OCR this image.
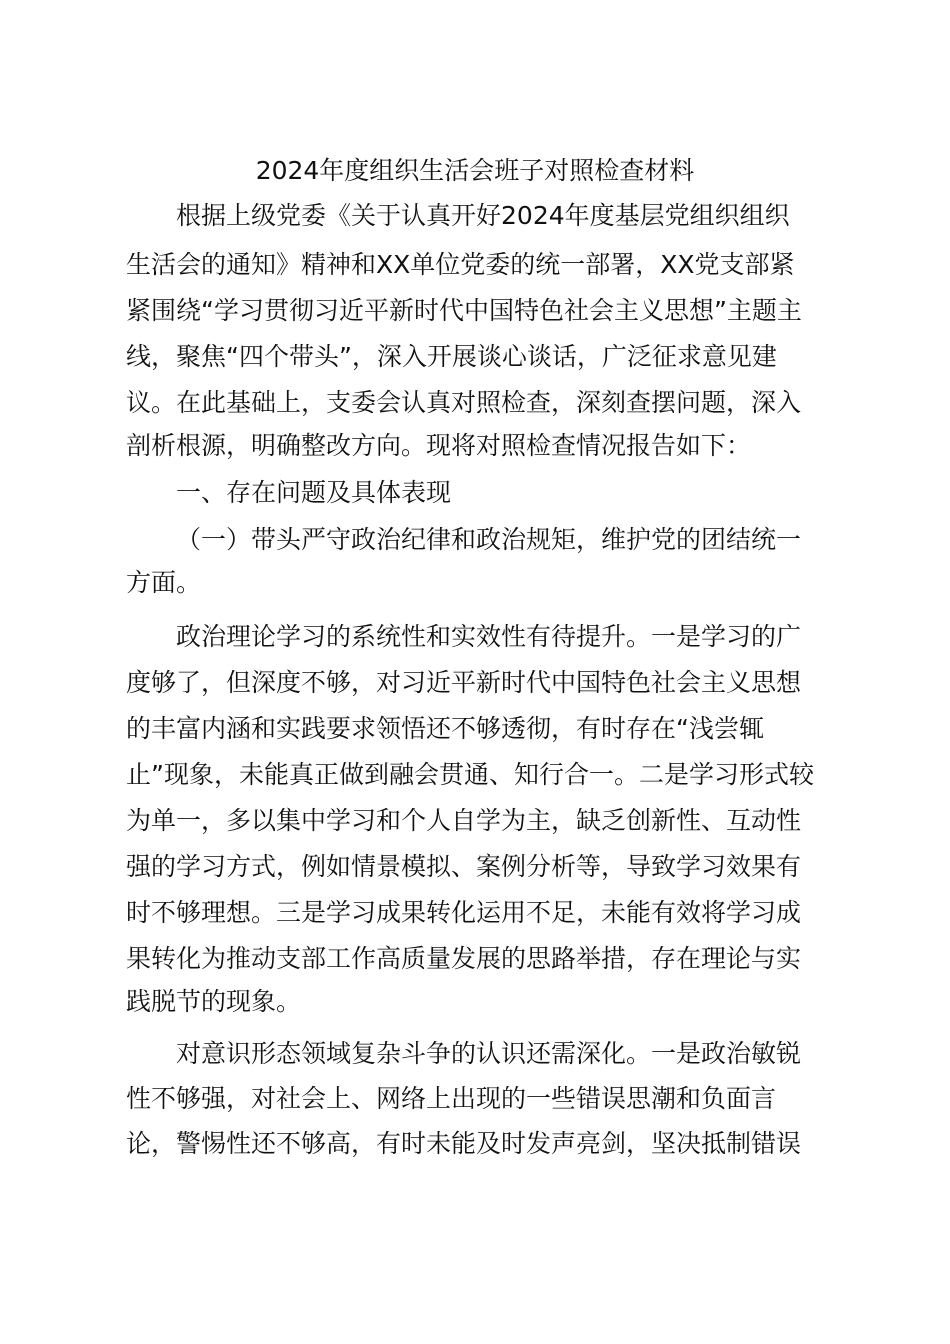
2024年度组织生活会班子对照检查材料
根据上级党委《关于认真开好2024年度基层党组织组织
生活会的通知》精神和XX单位党委的统一部署，XX党支部紧
紧围绕“学习贯彻习近平新时代中国特色社会主义思想”主题主
线，聚焦“四个带头”，深入开展谈心谈话，广泛征求意见建
议。在此基础上，支委会认真对照检查，深刻查摆问题，深入
剖析根源，明确整改方向。现将对照检查情况报告如下：
一、存在问题及具体表现
（一）带头严守政治纪律和政治规矩，维护党的团结统一
方面。
政治理论学习的系统性和实效性有待提升。一是学习的广
度够了，但深度不够，对习近平新时代中国特色社会主义思想
的丰富内涵和实践要求领悟还不够透彻，有时存在“浅尝辄
止”现象，未能真正做到融会贯通、知行合一。二是学习形式较
为单一，多以集中学习和个人自学为主，缺乏创新性、互动性
强的学习方式，例如情景模拟、案例分析等，导致学习效果有
时不够理想。三是学习成果转化运用不足，未能有效将学习成
果转化为推动支部工作高质量发展的思路举措，存在理论与实
践脱节的现象。
对意识形态领域复杂斗争的认识还需深化。一是政治敏锐
性不够强，对社会上、网络上出现的一些错误思潮和负面言
论，警惕性还不够高，有时未能及时发声亮剑，坚决抵制错误
